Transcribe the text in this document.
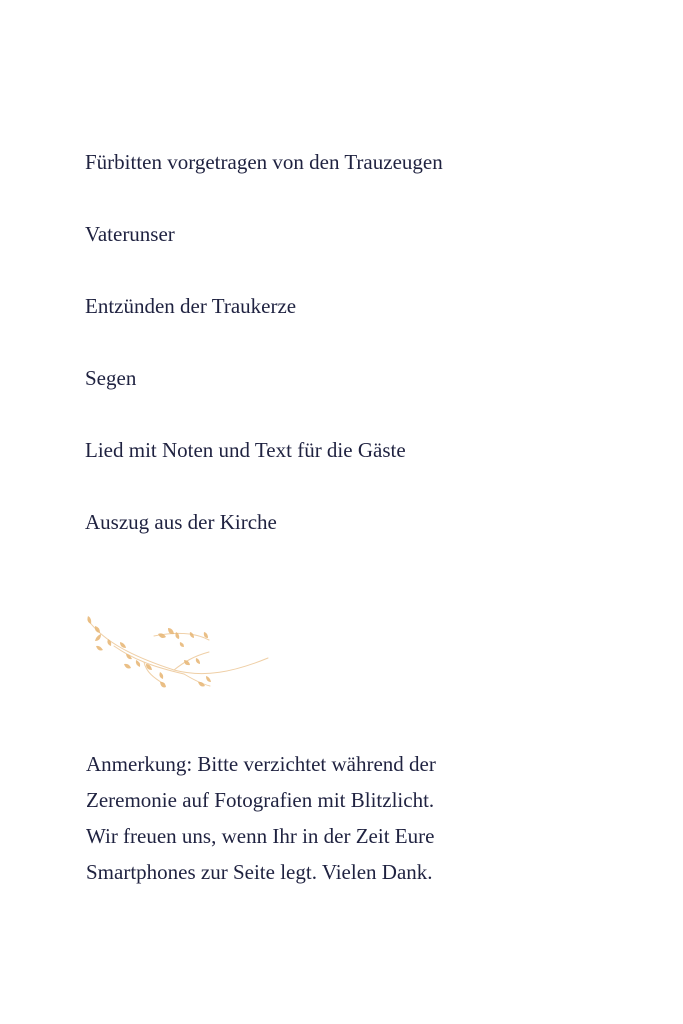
Fürbitten vorgetragen von den Trauzeugen
Vaterunser
Entzünden der Traukerze
Segen
Lied mit Noten und Text für die Gäste
Auszug aus der Kirche

Anmerkung: Bitte verzichtet während der
Zeremonie auf Fotografien mit Blitzlicht.
Wir freuen uns, wenn Ihr in der Zeit Eure
Smartphones zur Seite legt. Vielen Dank.
